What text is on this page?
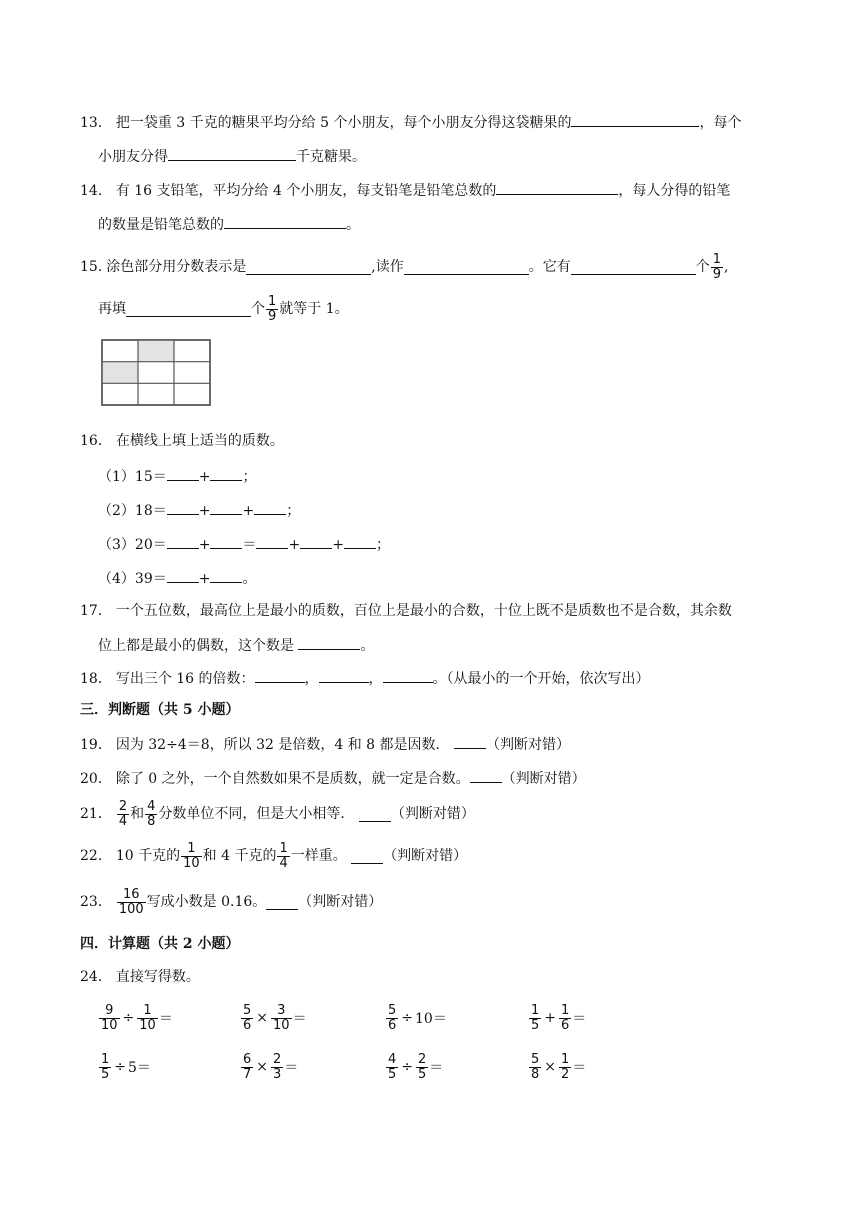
13． 把一袋重 3 千克的糖果平均分给 5 个小朋友，每个小朋友分得这袋糖果的	，每个
小朋友分得	千克糖果。
14． 有 16 支铅笔，平均分给 4 个小朋友，每支铅笔是铅笔总数的	，每人分得的铅笔
的数量是铅笔总数的	。
15. 涂色部分用分数表示是	,读作	。它有	个 $\frac{1}{9}$ ,
再填	个 $\frac{1}{9}$ 就等于 1。
16． 在横线上填上适当的质数。
（1）15＝ + ；
（2）18＝ + + ；
（3）20＝ + ＝ + + ；
（4）39＝ + 。
17． 一个五位数，最高位上是最小的质数，百位上是最小的合数，十位上既不是质数也不是合数，其余数
位上都是最小的偶数，这个数是	。
18． 写出三个 16 的倍数：	，	，	。（从最小的一个开始，依次写出）
三．判断题（共 5 小题）
19． 因为 32÷4＝8，所以 32 是倍数，4 和 8 都是因数．	（判断对错）
20． 除了 0 之外，一个自然数如果不是质数，就一定是合数。 （判断对错）
21． $\frac{2}{4}$ 和 $\frac{4}{8}$ 分数单位不同，但是大小相等．
	（判断对错）
22． 10 千克的 $\frac{1}{10}$ 和 4 千克的 $\frac{1}{4}$ 一样重。
	（判断对错）
23． $\frac{16}{100}$ 写成小数是 0.16。 （判断对错）
四．计算题（共 2 小题）
24． 直接写得数。
$\frac{9}{10} \div \frac{1}{10}$ ＝	$\frac{5}{6} \times \frac{3}{10}$ ＝	$\frac{5}{6} \div 10=$	$\frac{1}{5} + \frac{1}{6}$ ＝
$\frac{1}{5} \div 5=$	$\frac{6}{7} \times \frac{2}{3}$ ＝	$\frac{4}{5} \div \frac{2}{5}$ ＝	$\frac{5}{8} \times \frac{1}{2}$ ＝
